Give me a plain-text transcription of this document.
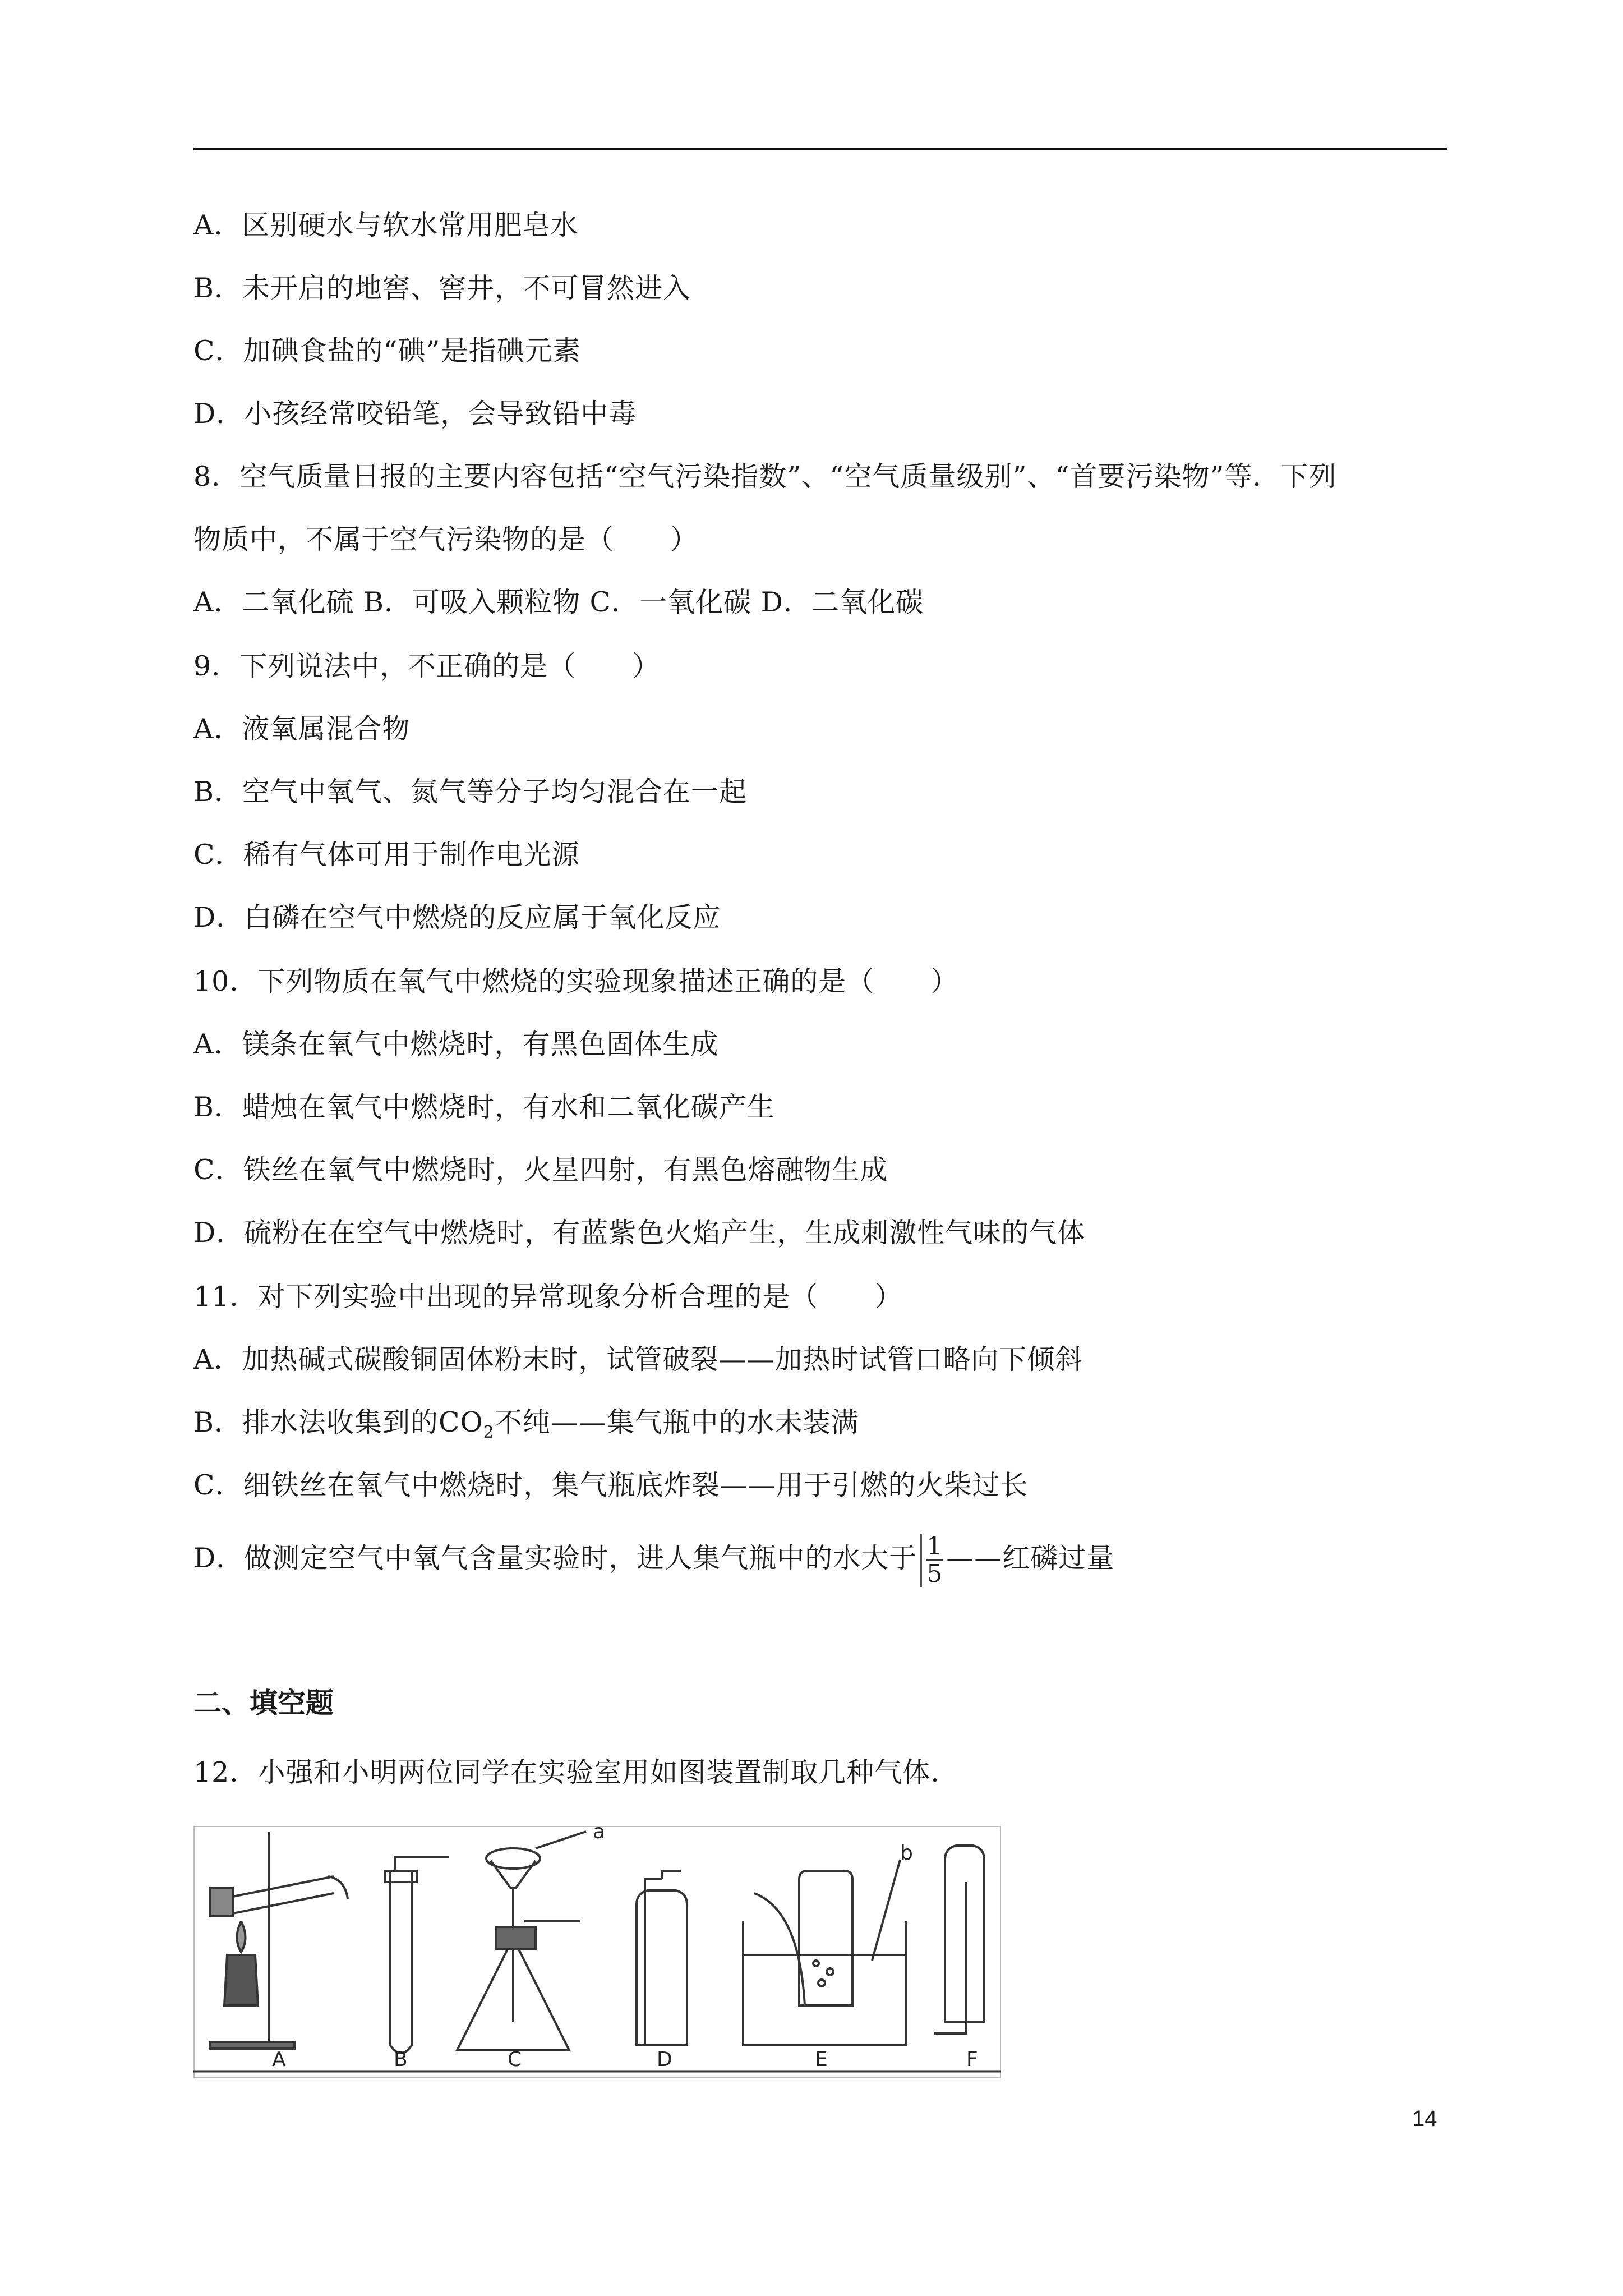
A．区别硬水与软水常用肥皂水
B．未开启的地窖、窖井，不可冒然进入
C．加碘食盐的“碘”是指碘元素
D．小孩经常咬铅笔，会导致铅中毒
8．空气质量日报的主要内容包括“空气污染指数”、“空气质量级别”、“首要污染物”等．下列
物质中，不属于空气污染物的是（　　）
A．二氧化硫 B．可吸入颗粒物 C．一氧化碳 D．二氧化碳
9．下列说法中，不正确的是（　　）
A．液氧属混合物
B．空气中氧气、氮气等分子均匀混合在一起
C．稀有气体可用于制作电光源
D．白磷在空气中燃烧的反应属于氧化反应
10．下列物质在氧气中燃烧的实验现象描述正确的是（　　）
A．镁条在氧气中燃烧时，有黑色固体生成
B．蜡烛在氧气中燃烧时，有水和二氧化碳产生
C．铁丝在氧气中燃烧时，火星四射，有黑色熔融物生成
D．硫粉在在空气中燃烧时，有蓝紫色火焰产生，生成刺激性气味的气体
11．对下列实验中出现的异常现象分析合理的是（　　）
A．加热碱式碳酸铜固体粉末时，试管破裂——加热时试管口略向下倾斜
B．排水法收集到的$CO_2$不纯——集气瓶中的水未装满
C．细铁丝在氧气中燃烧时，集气瓶底炸裂——用于引燃的火柴过长
D．做测定空气中氧气含量实验时，进人集气瓶中的水大于 $\frac{1}{5}$ ——红磷过量
二、填空题
12．小强和小明两位同学在实验室用如图装置制取几种气体．
a
b
A	B	C	D	E	F
14
